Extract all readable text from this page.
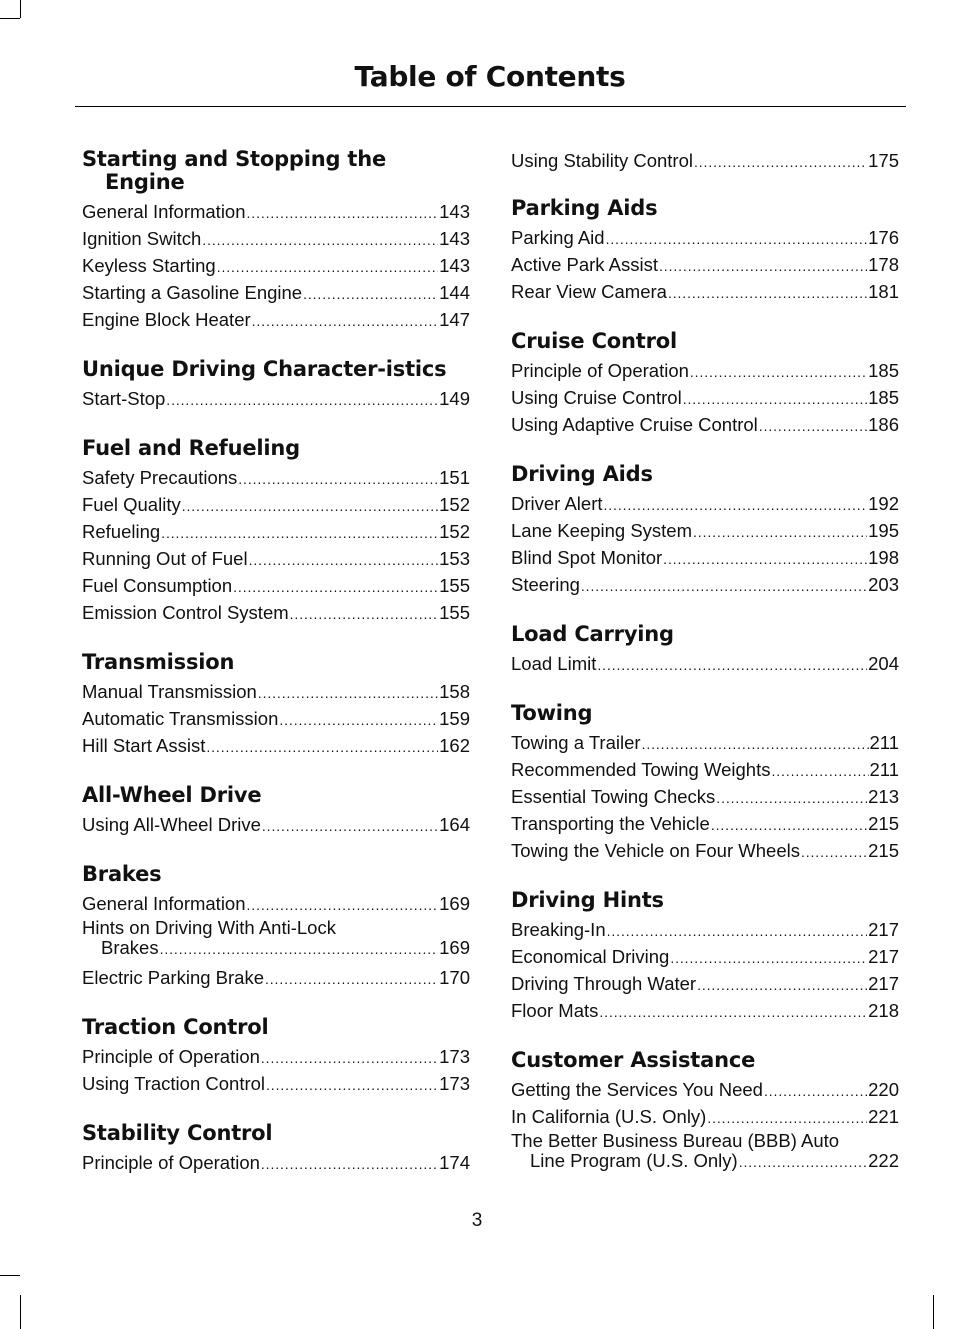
Table of Contents
Starting and Stopping the Engine
General Information . . .	143
Ignition Switch . . .	143
Keyless Starting . . .	143
Starting a Gasoline Engine . . .	144
Engine Block Heater . . .	147
Unique Driving Character-istics
Start-Stop . . .	149
Fuel and Refueling
Safety Precautions . . .	151
Fuel Quality . . .	152
Refueling . . .	152
Running Out of Fuel . . .	153
Fuel Consumption . . .	155
Emission Control System . . .	155
Transmission
Manual Transmission . . .	158
Automatic Transmission . . .	159
Hill Start Assist . . .	162
All-Wheel Drive
Using All-Wheel Drive . . .	164
Brakes
General Information . . .	169
Hints on Driving With Anti-Lock
Brakes . . .	169
Electric Parking Brake . . .	170
Traction Control
Principle of Operation . . .	173
Using Traction Control . . .	173
Stability Control
Principle of Operation . . .	174
Using Stability Control . . .	175
Parking Aids
Parking Aid . . .	176
Active Park Assist . . .	178
Rear View Camera . . .	181
Cruise Control
Principle of Operation . . .	185
Using Cruise Control . . .	185
Using Adaptive Cruise Control . . .	186
Driving Aids
Driver Alert . . .	192
Lane Keeping System . . .	195
Blind Spot Monitor . . .	198
Steering . . .	203
Load Carrying
Load Limit . . .	204
Towing
Towing a Trailer . . .	211
Recommended Towing Weights . . .	211
Essential Towing Checks . . .	213
Transporting the Vehicle . . .	215
Towing the Vehicle on Four Wheels . . .	215
Driving Hints
Breaking-In . . .	217
Economical Driving . . .	217
Driving Through Water . . .	217
Floor Mats . . .	218
Customer Assistance
Getting the Services You Need . . .	220
In California (U.S. Only) . . .	221
The Better Business Bureau (BBB) Auto
Line Program (U.S. Only) . . .	222
3
